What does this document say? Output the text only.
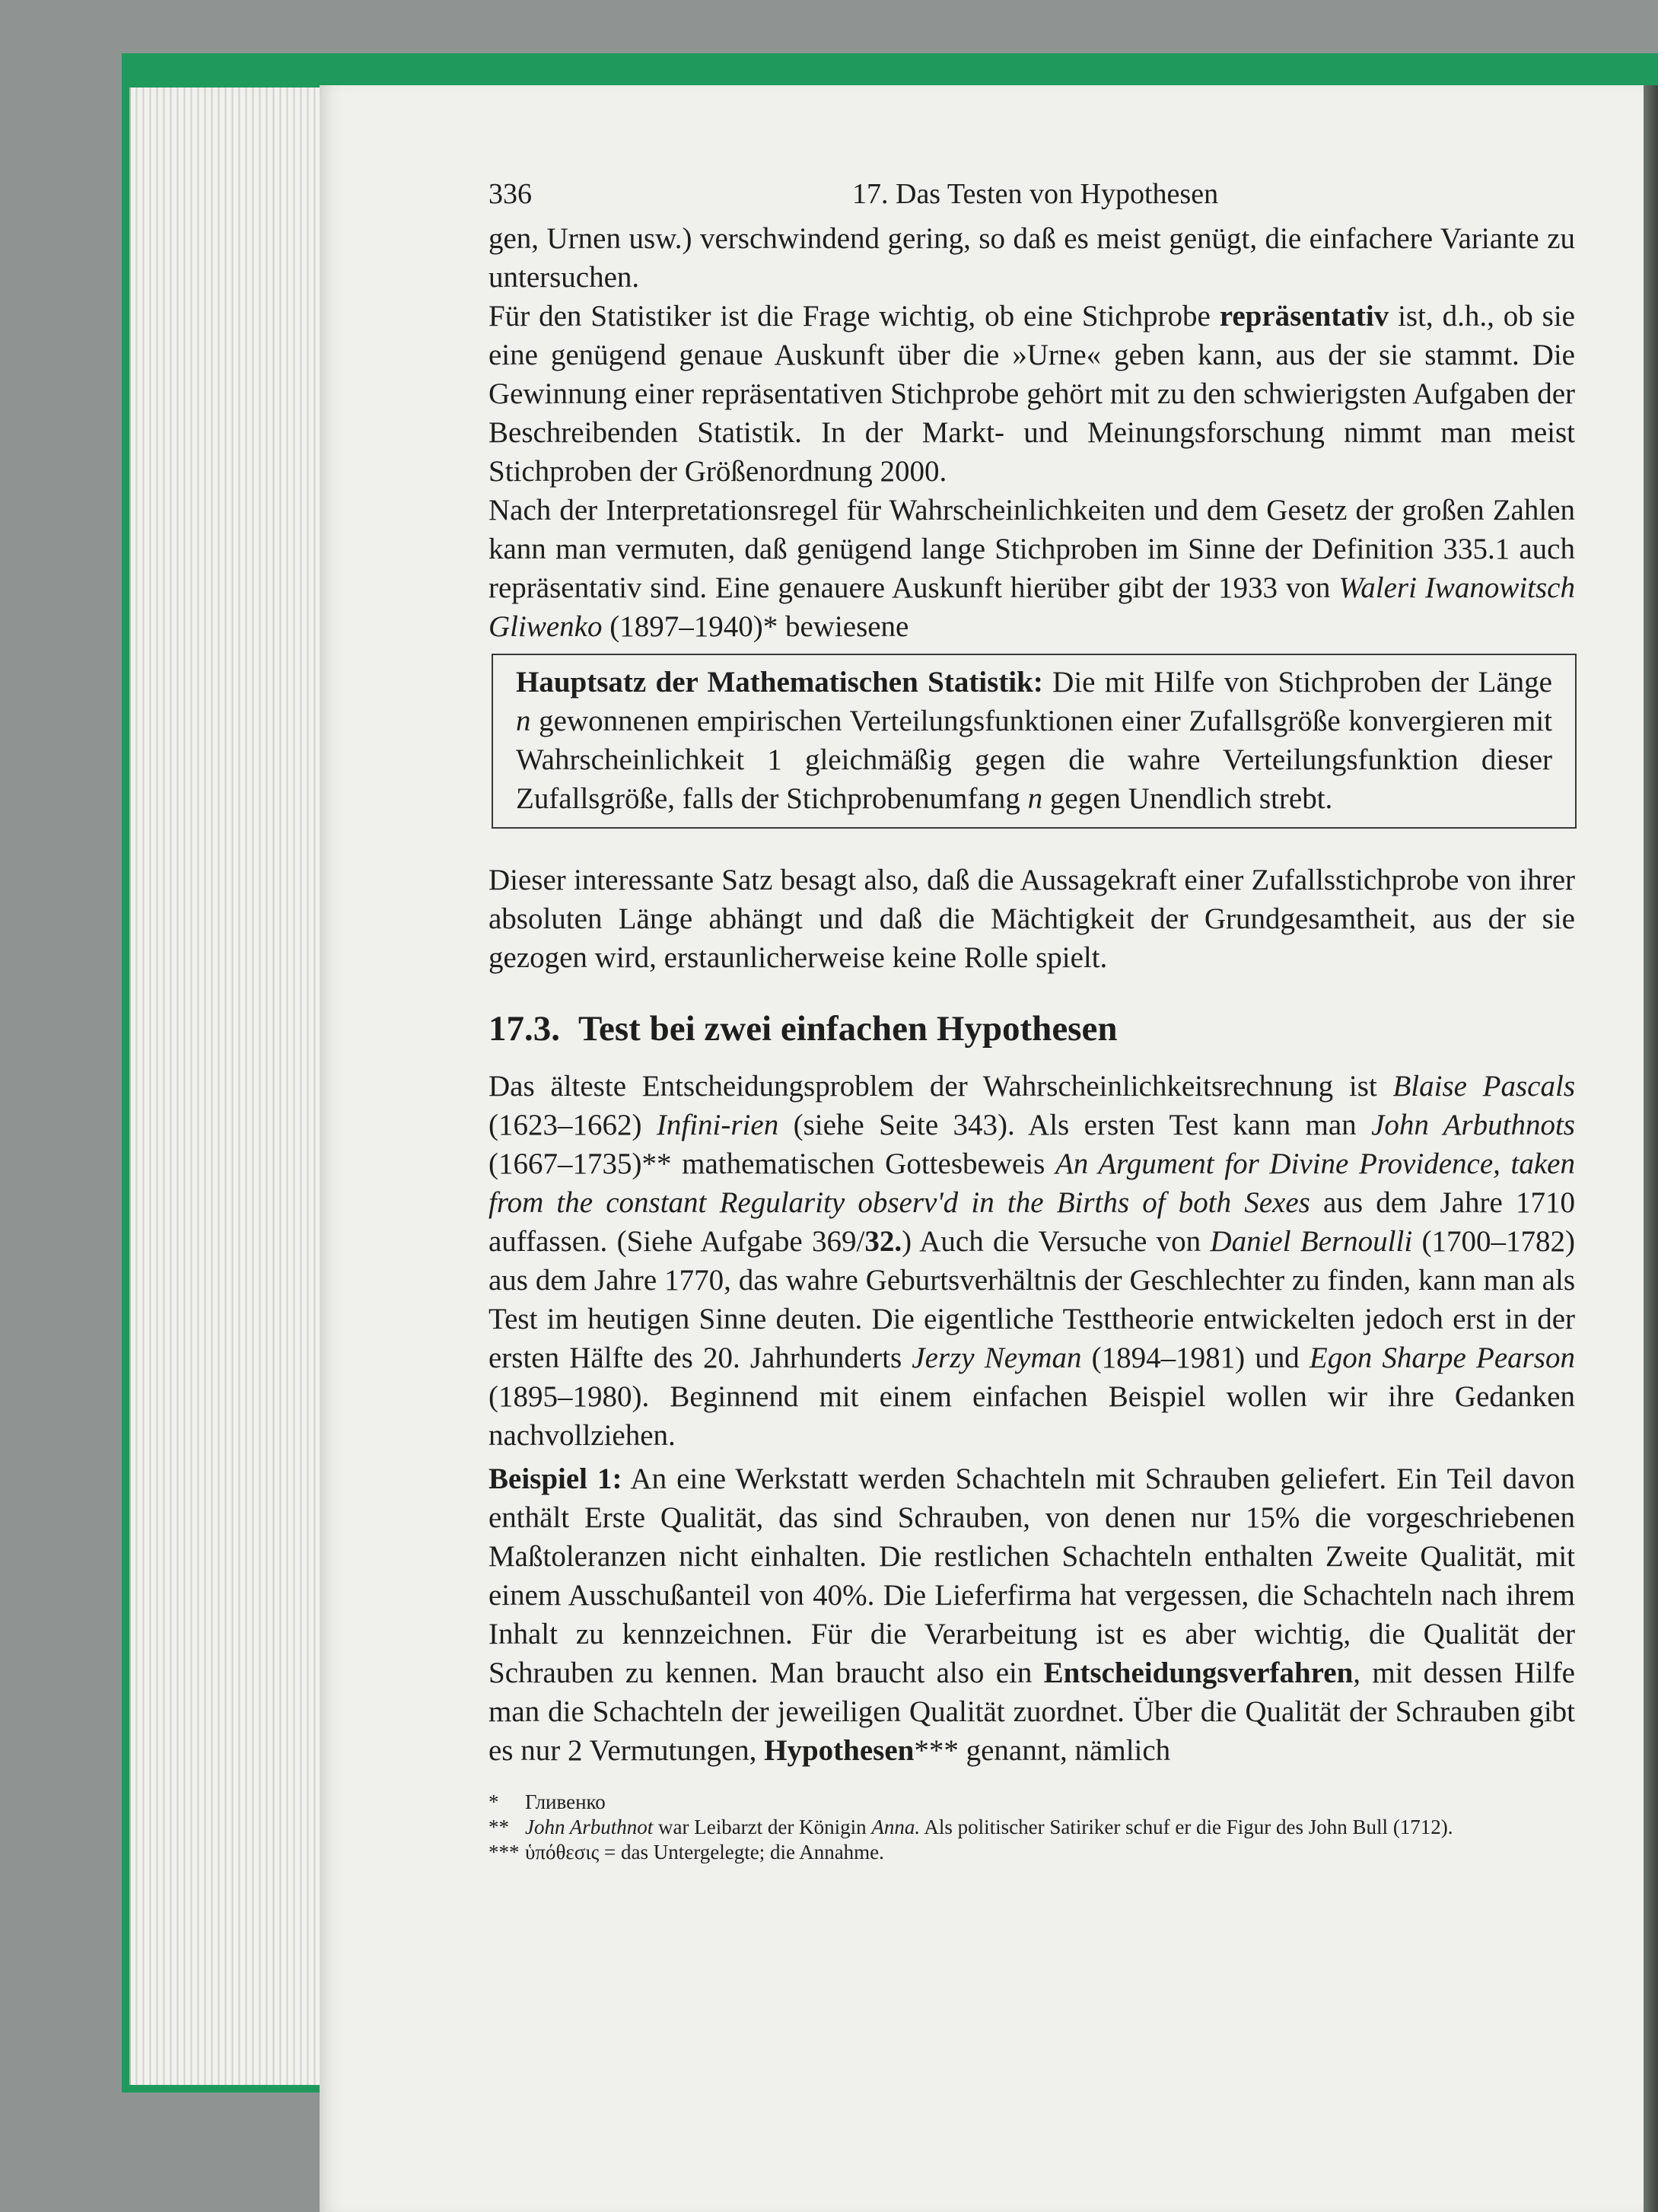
336	17. Das Testen von Hypothesen

gen, Urnen usw.) verschwindend gering, so daß es meist genügt, die einfachere Variante zu untersuchen.

Für den Statistiker ist die Frage wichtig, ob eine Stichprobe repräsentativ ist, d.h., ob sie eine genügend genaue Auskunft über die »Urne« geben kann, aus der sie stammt. Die Gewinnung einer repräsentativen Stichprobe gehört mit zu den schwierigsten Aufgaben der Beschreibenden Statistik. In der Markt- und Meinungsforschung nimmt man meist Stichproben der Größenordnung 2000.

Nach der Interpretationsregel für Wahrscheinlichkeiten und dem Gesetz der großen Zahlen kann man vermuten, daß genügend lange Stichproben im Sinne der Definition 335.1 auch repräsentativ sind. Eine genauere Auskunft hierüber gibt der 1933 von Waleri Iwanowitsch Gliwenko (1897–1940)* bewiesene

Hauptsatz der Mathematischen Statistik: Die mit Hilfe von Stichproben der Länge n gewonnenen empirischen Verteilungsfunktionen einer Zufallsgröße konvergieren mit Wahrscheinlichkeit 1 gleichmäßig gegen die wahre Verteilungsfunktion dieser Zufallsgröße, falls der Stichprobenumfang n gegen Unendlich strebt.

Dieser interessante Satz besagt also, daß die Aussagekraft einer Zufallsstichprobe von ihrer absoluten Länge abhängt und daß die Mächtigkeit der Grundgesamtheit, aus der sie gezogen wird, erstaunlicherweise keine Rolle spielt.

17.3. Test bei zwei einfachen Hypothesen

Das älteste Entscheidungsproblem der Wahrscheinlichkeitsrechnung ist Blaise Pascals (1623–1662) Infini-rien (siehe Seite 343). Als ersten Test kann man John Arbuthnots (1667–1735)** mathematischen Gottesbeweis An Argument for Divine Providence, taken from the constant Regularity observ'd in the Births of both Sexes aus dem Jahre 1710 auffassen. (Siehe Aufgabe 369/32.) Auch die Versuche von Daniel Bernoulli (1700–1782) aus dem Jahre 1770, das wahre Geburtsverhältnis der Geschlechter zu finden, kann man als Test im heutigen Sinne deuten. Die eigentliche Testtheorie entwickelten jedoch erst in der ersten Hälfte des 20. Jahrhunderts Jerzy Neyman (1894–1981) und Egon Sharpe Pearson (1895–1980). Beginnend mit einem einfachen Beispiel wollen wir ihre Gedanken nachvollziehen.

Beispiel 1: An eine Werkstatt werden Schachteln mit Schrauben geliefert. Ein Teil davon enthält Erste Qualität, das sind Schrauben, von denen nur 15% die vorgeschriebenen Maßtoleranzen nicht einhalten. Die restlichen Schachteln enthalten Zweite Qualität, mit einem Ausschußanteil von 40%. Die Lieferfirma hat vergessen, die Schachteln nach ihrem Inhalt zu kennzeichnen. Für die Verarbeitung ist es aber wichtig, die Qualität der Schrauben zu kennen. Man braucht also ein Entscheidungsverfahren, mit dessen Hilfe man die Schachteln der jeweiligen Qualität zuordnet. Über die Qualität der Schrauben gibt es nur 2 Vermutungen, Hypothesen*** genannt, nämlich

* Гливенко
** John Arbuthnot war Leibarzt der Königin Anna. Als politischer Satiriker schuf er die Figur des John Bull (1712).
*** ὑπόθεσις = das Untergelegte; die Annahme.
